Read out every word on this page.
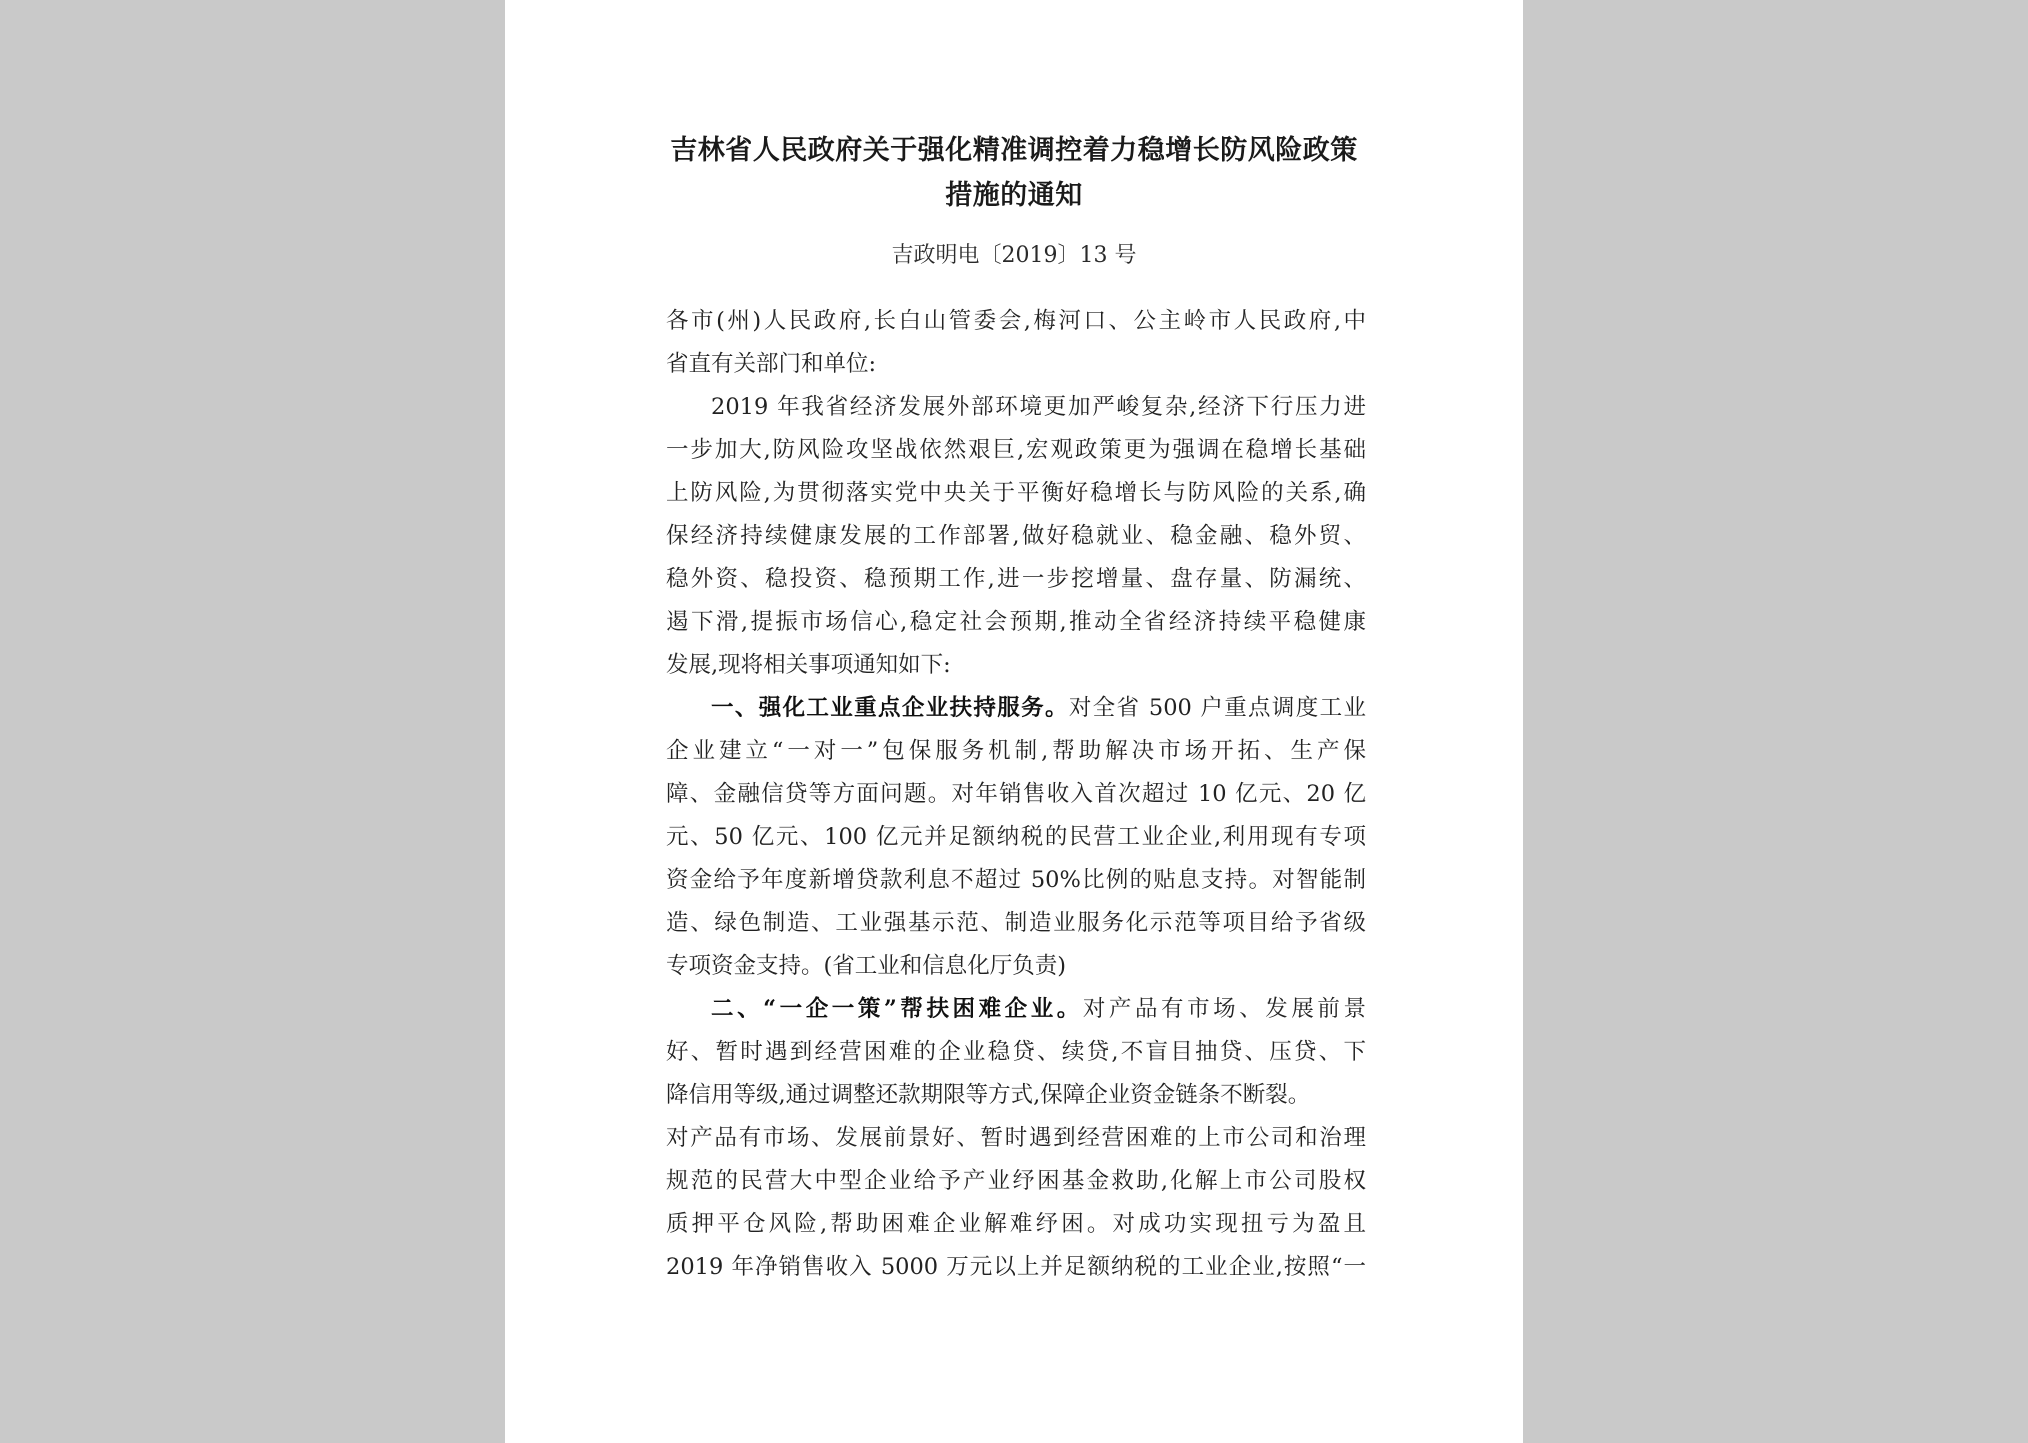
吉林省人民政府关于强化精准调控着力稳增长防风险政策
措施的通知
吉政明电〔2019〕13 号
各市(州)人民政府,长白山管委会,梅河口、公主岭市人民政府,中
省直有关部门和单位:
2019 年我省经济发展外部环境更加严峻复杂,经济下行压力进
一步加大,防风险攻坚战依然艰巨,宏观政策更为强调在稳增长基础
上防风险,为贯彻落实党中央关于平衡好稳增长与防风险的关系,确
保经济持续健康发展的工作部署,做好稳就业、稳金融、稳外贸、
稳外资、稳投资、稳预期工作,进一步挖增量、盘存量、防漏统、
遏下滑,提振市场信心,稳定社会预期,推动全省经济持续平稳健康
发展,现将相关事项通知如下:
一、强化工业重点企业扶持服务。对全省 500 户重点调度工业
企业建立“一对一”包保服务机制,帮助解决市场开拓、生产保
障、金融信贷等方面问题。对年销售收入首次超过 10 亿元、20 亿
元、50 亿元、100 亿元并足额纳税的民营工业企业,利用现有专项
资金给予年度新增贷款利息不超过 50%比例的贴息支持。对智能制
造、绿色制造、工业强基示范、制造业服务化示范等项目给予省级
专项资金支持。(省工业和信息化厅负责)
二、“一企一策”帮扶困难企业。对产品有市场、发展前景
好、暂时遇到经营困难的企业稳贷、续贷,不盲目抽贷、压贷、下
降信用等级,通过调整还款期限等方式,保障企业资金链条不断裂。
对产品有市场、发展前景好、暂时遇到经营困难的上市公司和治理
规范的民营大中型企业给予产业纾困基金救助,化解上市公司股权
质押平仓风险,帮助困难企业解难纾困。对成功实现扭亏为盈且
2019 年净销售收入 5000 万元以上并足额纳税的工业企业,按照“一
